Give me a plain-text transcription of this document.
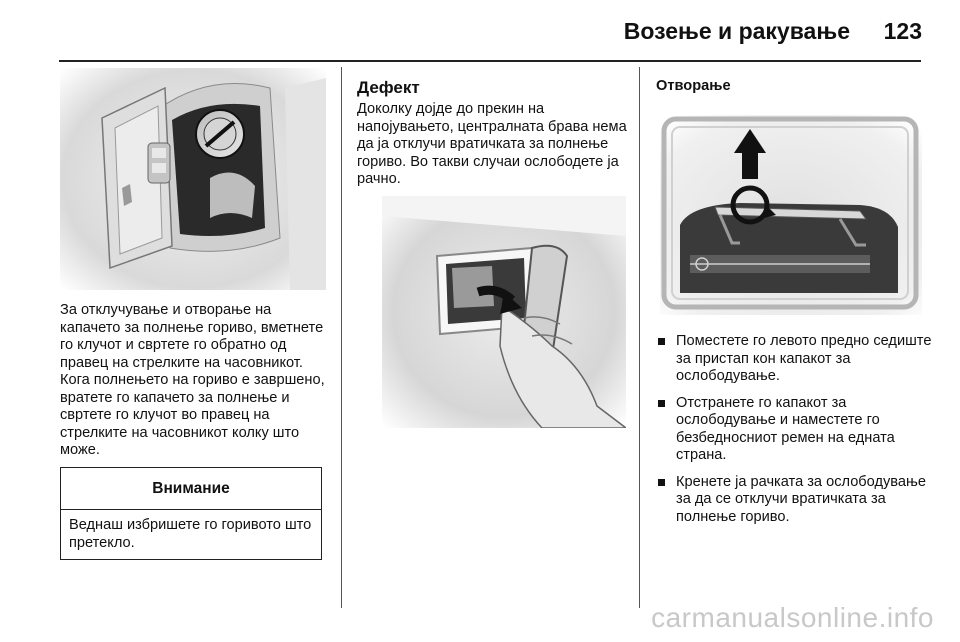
Возење и ракување	123

За отклучување и отворање на капачето за полнење гориво, вметнете го клучот и свртете го обратно од правец на стрелките на часовникот. Кога полнењето на гориво е завршено, вратете го капачето за полнење и свртете го клучот во правец на стрелките на часовникот колку што може.

Внимание
Веднаш избришете го горивото што претекло.
Дефект

Доколку дојде до прекин на напојувањето, централната брава нема да ја отклучи вратичката за полнење гориво. Во такви случаи ослободете ја рачно.

Отворање
Поместете го левото предно седиште за пристап кон капакот за ослободување.
Отстранете го капакот за ослободување и наместете го безбедносниот ремен на едната страна.
Кренете ја рачката за ослободување за да се отклучи вратичката за полнење гориво.
carmanualsonline.info
